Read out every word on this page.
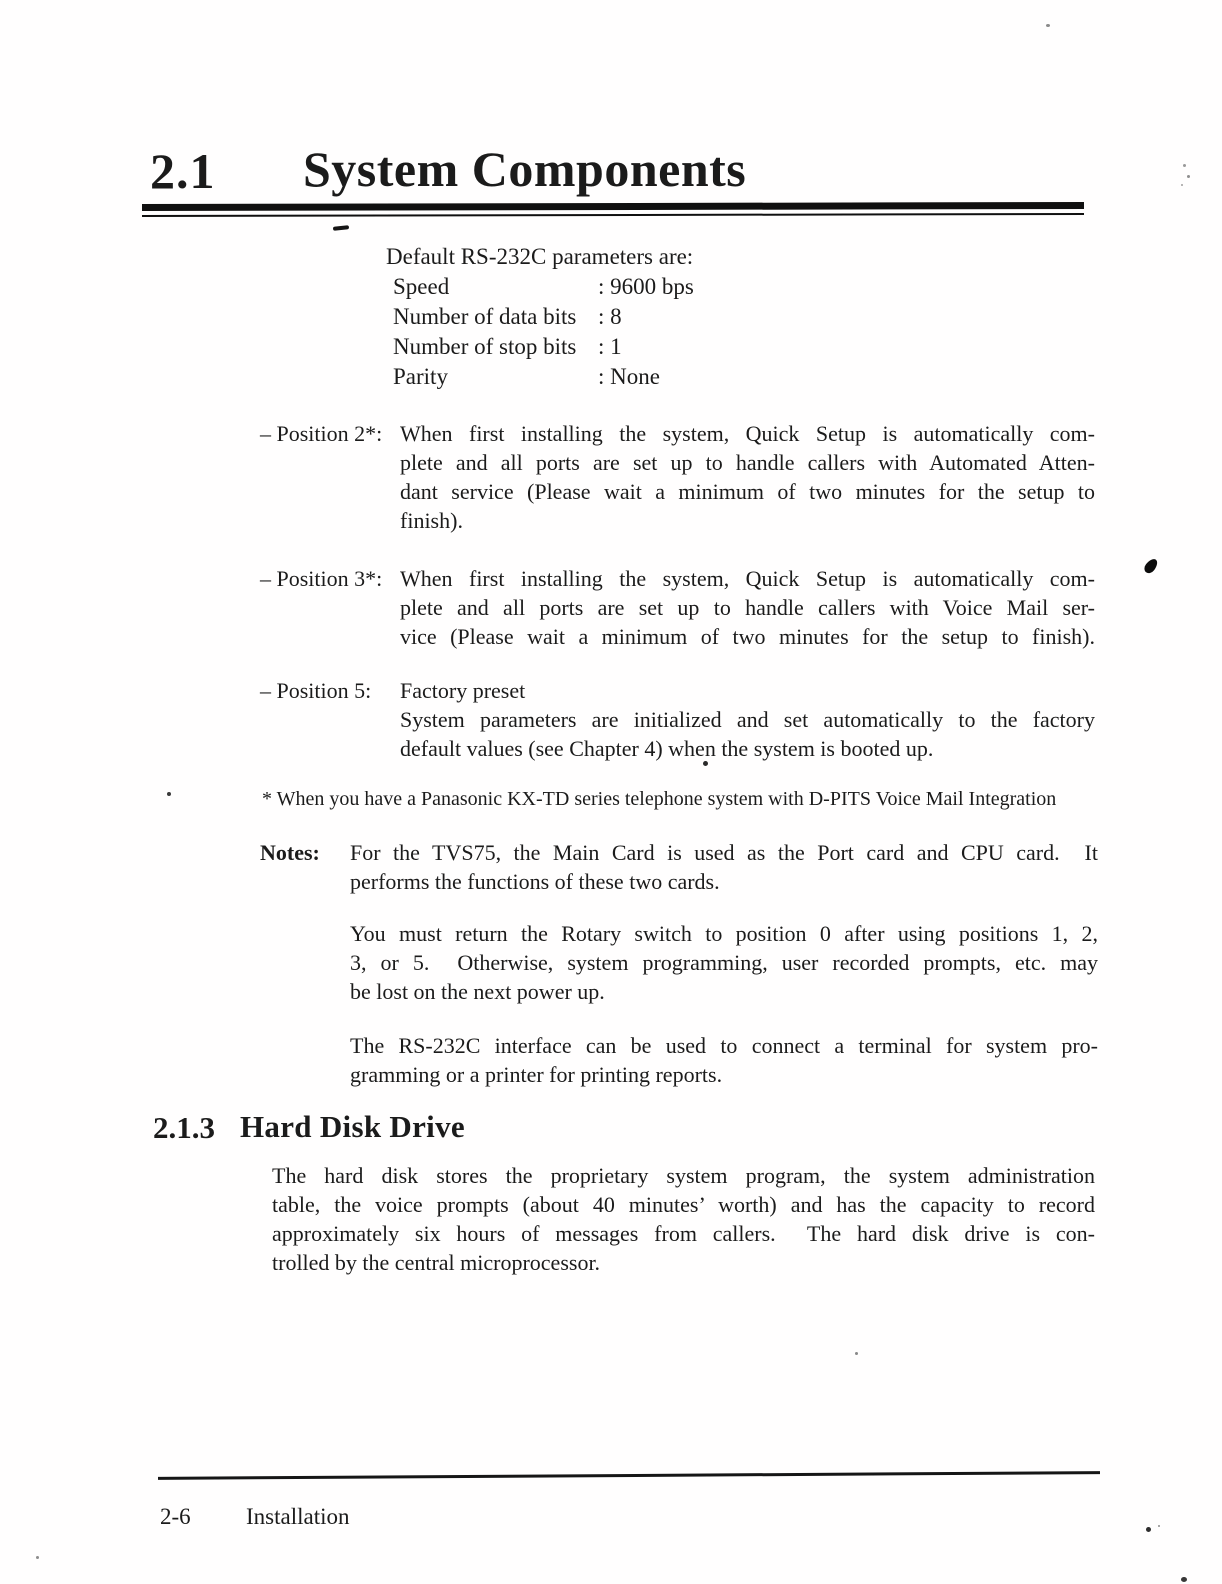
2.1 System Components
Default RS-232C parameters are:
Speed	: 9600 bps
Number of data bits : 8
Number of stop bits : 1
Parity	: None
– Position 2*: When first installing the system, Quick Setup is automatically com-
plete and all ports are set up to handle callers with Automated Atten-
dant service (Please wait a minimum of two minutes for the setup to
finish).
– Position 3*: When first installing the system, Quick Setup is automatically com-
plete and all ports are set up to handle callers with Voice Mail ser-
vice (Please wait a minimum of two minutes for the setup to finish).
– Position 5: Factory preset
System parameters are initialized and set automatically to the factory
default values (see Chapter 4) when the system is booted up.
* When you have a Panasonic KX-TD series telephone system with D-PITS Voice Mail Integration
Notes: For the TVS75, the Main Card is used as the Port card and CPU card.  It
performs the functions of these two cards.
You must return the Rotary switch to position 0 after using positions 1, 2,
3, or 5.  Otherwise, system programming, user recorded prompts, etc. may
be lost on the next power up.
The RS-232C interface can be used to connect a terminal for system pro-
gramming or a printer for printing reports.
2.1.3 Hard Disk Drive
The hard disk stores the proprietary system program, the system administration
table, the voice prompts (about 40 minutes’ worth) and has the capacity to record
approximately six hours of messages from callers.  The hard disk drive is con-
trolled by the central microprocessor.
2-6 Installation
